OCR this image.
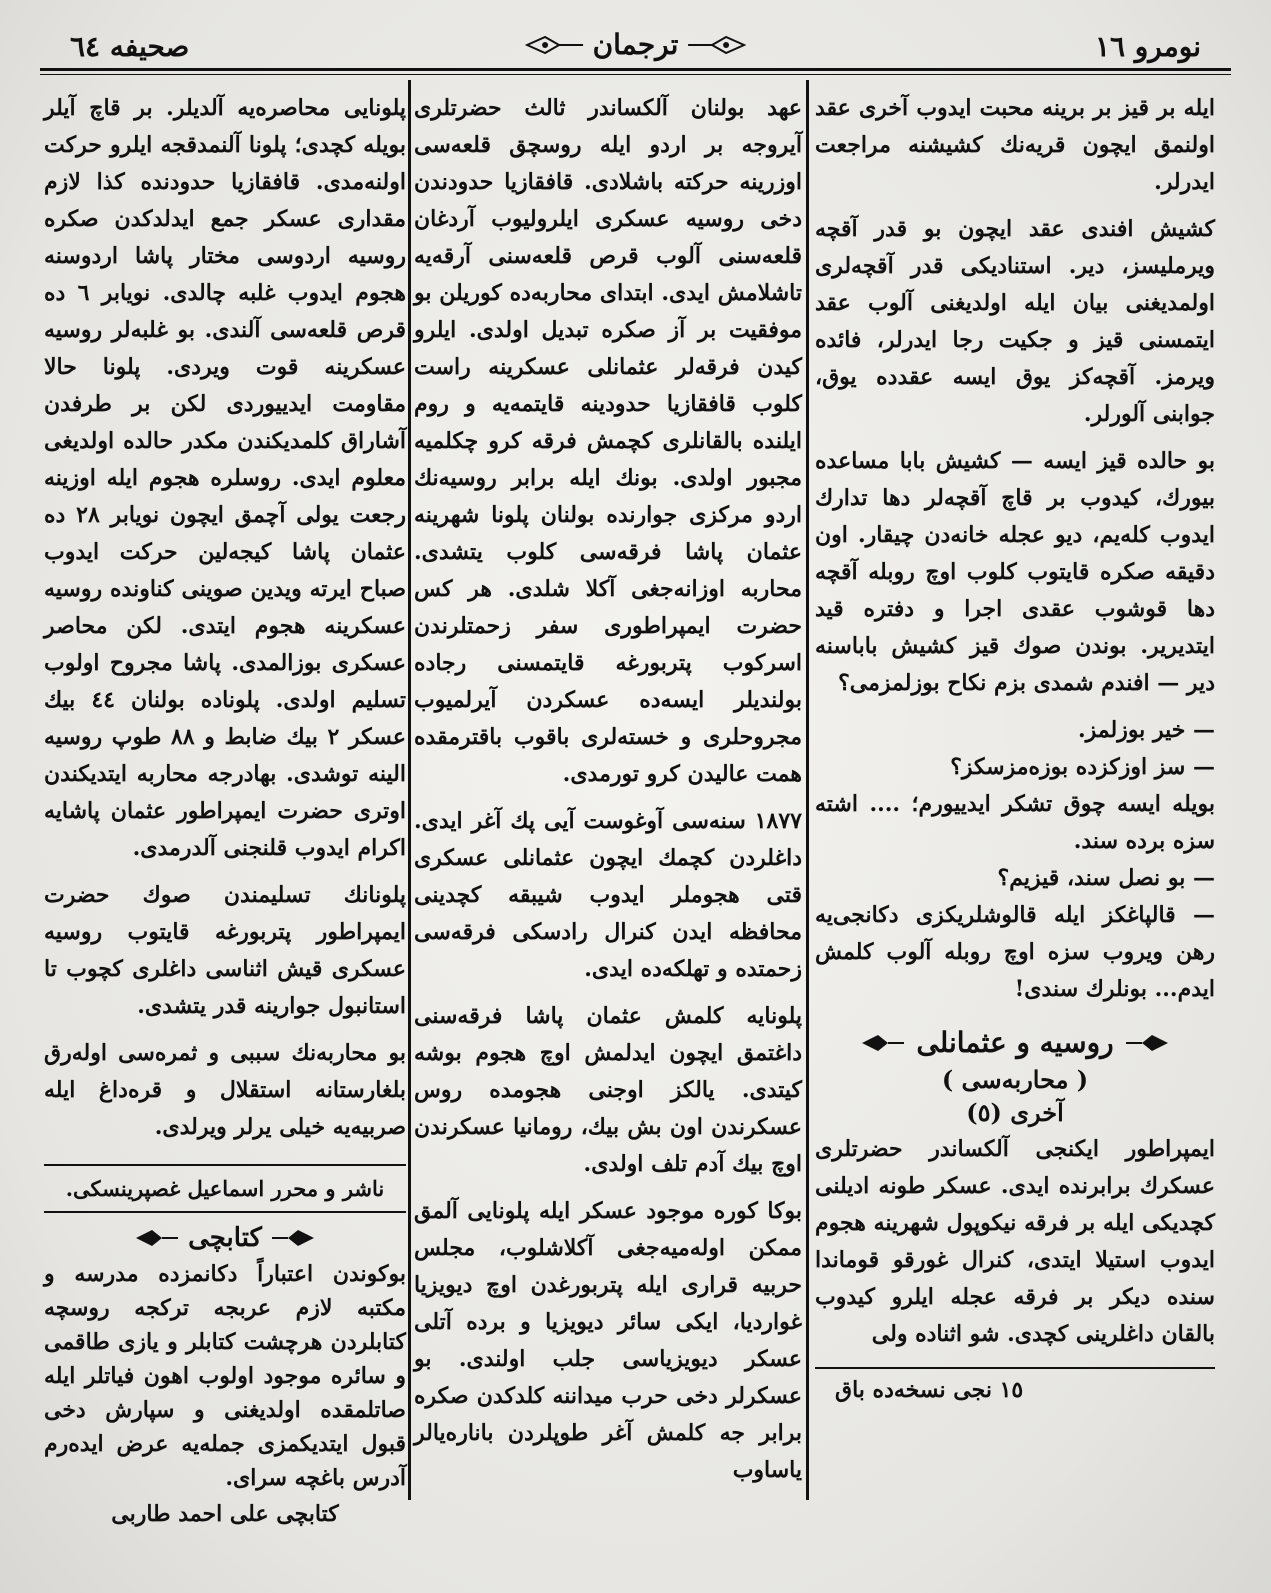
صحیفه ٦٤	ترجمان	نومرو ١٦

ایله بر قیز بر برینه محبت ایدوب آخری عقد اولنمق ایچون قریه‌نك كشیشنه مراجعت ایدرلر.

كشیش افندی عقد ایچون بو قدر آقچه ویرملیسز، دیر. استنادیكی قدر آقچه‌لری اولمدیغنی بیان ایله اولدیغنی آلوب عقد ایتمسنی قیز و جكیت رجا ایدرلر، فائده ویرمز. آقچه‌كز یوق ایسه عقدده یوق، جوابنی آلورلر.

بو حالده قیز ایسه — كشیش بابا مساعده بیورك، كیدوب بر قاچ آقچه‌لر دها تدارك ایدوب كله‌یم، دیو عجله خانه‌دن چیقار. اون دقیقه صكره قایتوب كلوب اوچ روبله آقچه دها قوشوب عقدی اجرا و دفتره قید ایتدیریر. بوندن صوك قیز كشیش باباسنه دیر — افندم شمدی بزم نكاح بوزلمزمی؟

— خیر بوزلمز.
— سز اوزكزده بوزه‌مزسكز؟
بویله ایسه چوق تشكر ایدییورم؛ .... اشته سزه برده سند.
— بو نصل سند، قیزیم؟
— قالپاغكز ایله قالوشلریكزی دكانجی‌یه رهن ویروب سزه اوچ روبله آلوب كلمش ایدم... بونلرك سندی!
روسیه و عثمانلی
( محاربه‌سی )
آخری (٥)

ایمپراطور ایكنجی آلكساندر حضرتلری عسكرك برابرنده ایدی. عسكر طونه ادیلنی كچدیكی ایله بر فرقه نیكوپول شهرینه هجوم ایدوب استیلا ایتدی، كنرال غورقو قوماندا سنده دیكر بر فرقه عجله ایلرو كیدوب بالقان داغلرینی كچدی. شو اثناده ولی

١٥ نجی نسخه‌ده باق

عهد بولنان آلكساندر ثالث حضرتلری آیروجه بر اردو ایله روسچق قلعه‌سی اوزرینه حركته باشلادی. قافقازیا حدودندن دخی روسیه عسكری ایلرولیوب آردغان قلعه‌سنی آلوب قرص قلعه‌سنی آرقه‌یه تاشلامش ایدی. ابتدای محاربه‌ده كوریلن بو موفقیت بر آز صكره تبدیل اولدی. ایلرو كیدن فرقه‌لر عثمانلی عسكرینه راست كلوب قافقازیا حدودینه قایتمه‌یه و روم ایلنده بالقانلری كچمش فرقه كرو چكلمیه مجبور اولدی. بونك ایله برابر روسیه‌نك اردو مركزی جوارنده بولنان پلونا شهرینه عثمان پاشا فرقه‌سی كلوب یتشدی. محاربه اوزانه‌جغی آكلا شلدی. هر كس حضرت ایمپراطوری سفر زحمتلرندن اسركوب پتربورغه قایتمسنی رجاده بولندیلر ایسه‌ده عسكردن آیرلمیوب مجروحلری و خسته‌لری باقوب باقترمقده همت عالیدن كرو تورمدی.

١٨٧٧ سنه‌سی آوغوست آیی پك آغر ایدی. داغلردن كچمك ایچون عثمانلی عسكری قتی هجوملر ایدوب شیبقه كچدینی محافظه ایدن كنرال رادسكی فرقه‌سی زحمتده و تهلكه‌ده ایدی.

پلونایه كلمش عثمان پاشا فرقه‌سنی داغتمق ایچون ایدلمش اوچ هجوم بوشه كیتدی. یالكز اوجنی هجومده روس عسكرندن اون بش بیك، رومانیا عسكرندن اوچ بیك آدم تلف اولدی.

بوكا كوره موجود عسكر ایله پلونایی آلمق ممكن اوله‌میه‌جغی آكلاشلوب، مجلس حربیه قراری ایله پتربورغدن اوچ دیویزیا غواردیا، ایكی سائر دیویزیا و برده آتلی عسكر دیویزیاسی جلب اولندی. بو عسكرلر دخی حرب میداننه كلدكدن صكره برابر جه كلمش آغر طوپلردن باناره‌یالر یاساوب

پلونایی محاصره‌یه آلدیلر. بر قاچ آیلر بویله كچدی؛ پلونا آلنمدقجه ایلرو حركت اولنه‌مدی. قافقازیا حدودنده كذا لازم مقداری عسكر جمع ایدلدكدن صكره روسیه اردوسی مختار پاشا اردوسنه هجوم ایدوب غلبه چالدی. نویابر ٦ ده قرص قلعه‌سی آلندی. بو غلبه‌لر روسیه عسكرینه قوت ویردی. پلونا حالا مقاومت ایدییوردی لكن بر طرفدن آشاراق كلمدیكندن مكدر حالده اولدیغی معلوم ایدی. روسلره هجوم ایله اوزینه رجعت یولی آچمق ایچون نویابر ٢٨ ده عثمان پاشا كیجه‌لین حركت ایدوب صباح ایرته ویدین صوینی كناوندە روسیه عسكرینه هجوم ایتدی. لكن محاصر عسكری بوزالمدی. پاشا مجروح اولوب تسلیم اولدی. پلوناده بولنان ٤٤ بیك عسكر ٢ بیك ضابط و ٨٨ طوپ روسیه الینه توشدی. بهادرجه محاربه ایتدیكندن اوتری حضرت ایمپراطور عثمان پاشایه اكرام ایدوب قلنجنی آلدرمدی.

پلونانك تسلیمندن صوك حضرت ایمپراطور پتربورغه قایتوب روسیه عسكری قیش اثناسی داغلری كچوب تا استانبول جوارینه قدر یتشدی.

بو محاربه‌نك سببی و ثمره‌سی اوله‌رق بلغارستانه استقلال و قره‌داغ ایله صربیه‌یه خیلی یرلر ویرلدی.

ناشر و محرر اسماعیل غصپرینسكی.
كتابچی

بوكوندن اعتباراً دكانمزده مدرسه و مكتبه لازم عربجه تركجه روسچه كتابلردن هرچشت كتابلر و یازی طاقمی و سائره موجود اولوب اهون فیاتلر ایله صاتلمقده اولدیغنی و سپارش دخی قبول ایتدیكمزی جمله‌یه عرض ایده‌رم آدرس باغچه سرای.

كتابچی علی احمد طاربی
